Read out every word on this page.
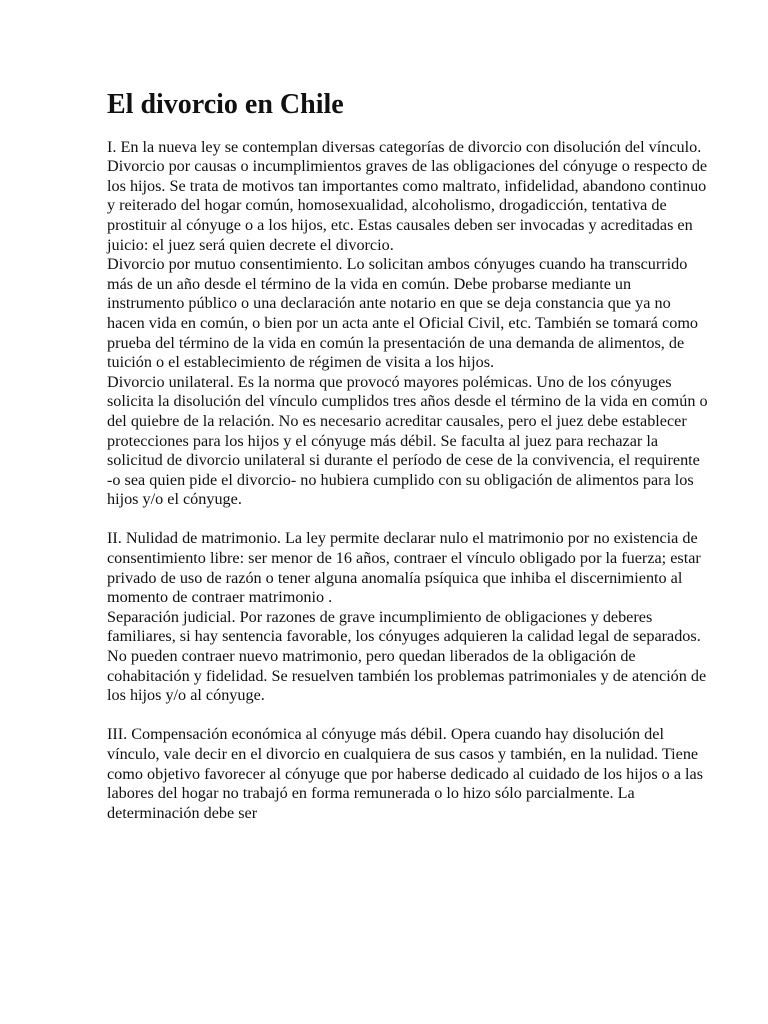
El divorcio en Chile
I. En la nueva ley se contemplan diversas categorías de divorcio con disolución del vínculo.
Divorcio por causas o incumplimientos graves de las obligaciones del cónyuge o respecto de los hijos. Se trata de motivos tan importantes como maltrato, infidelidad, abandono continuo y reiterado del hogar común, homosexualidad, alcoholismo, drogadicción, tentativa de prostituir al cónyuge o a los hijos, etc. Estas causales deben ser invocadas y acreditadas en juicio: el juez será quien decrete el divorcio.
Divorcio por mutuo consentimiento. Lo solicitan ambos cónyuges cuando ha transcurrido más de un año desde el término de la vida en común. Debe probarse mediante un instrumento público o una declaración ante notario en que se deja constancia que ya no hacen vida en común, o bien por un acta ante el Oficial Civil, etc. También se tomará como prueba del término de la vida en común la presentación de una demanda de alimentos, de tuición o el establecimiento de régimen de visita a los hijos.
Divorcio unilateral. Es la norma que provocó mayores polémicas. Uno de los cónyuges solicita la disolución del vínculo cumplidos tres años desde el término de la vida en común o del quiebre de la relación. No es necesario acreditar causales, pero el juez debe establecer protecciones para los hijos y el cónyuge más débil. Se faculta al juez para rechazar la solicitud de divorcio unilateral si durante el período de cese de la convivencia, el requirente -o sea quien pide el divorcio- no hubiera cumplido con su obligación de alimentos para los hijos y/o el cónyuge.
II. Nulidad de matrimonio. La ley permite declarar nulo el matrimonio por no existencia de consentimiento libre: ser menor de 16 años, contraer el vínculo obligado por la fuerza; estar privado de uso de razón o tener alguna anomalía psíquica que inhiba el discernimiento al momento de contraer matrimonio .
Separación judicial. Por razones de grave incumplimiento de obligaciones y deberes familiares, si hay sentencia favorable, los cónyuges adquieren la calidad legal de separados. No pueden contraer nuevo matrimonio, pero quedan liberados de la obligación de cohabitación y fidelidad. Se resuelven también los problemas patrimoniales y de atención de los hijos y/o al cónyuge.
III. Compensación económica al cónyuge más débil. Opera cuando hay disolución del vínculo, vale decir en el divorcio en cualquiera de sus casos y también, en la nulidad. Tiene como objetivo favorecer al cónyuge que por haberse dedicado al cuidado de los hijos o a las labores del hogar no trabajó en forma remunerada o lo hizo sólo parcialmente. La determinación debe ser
